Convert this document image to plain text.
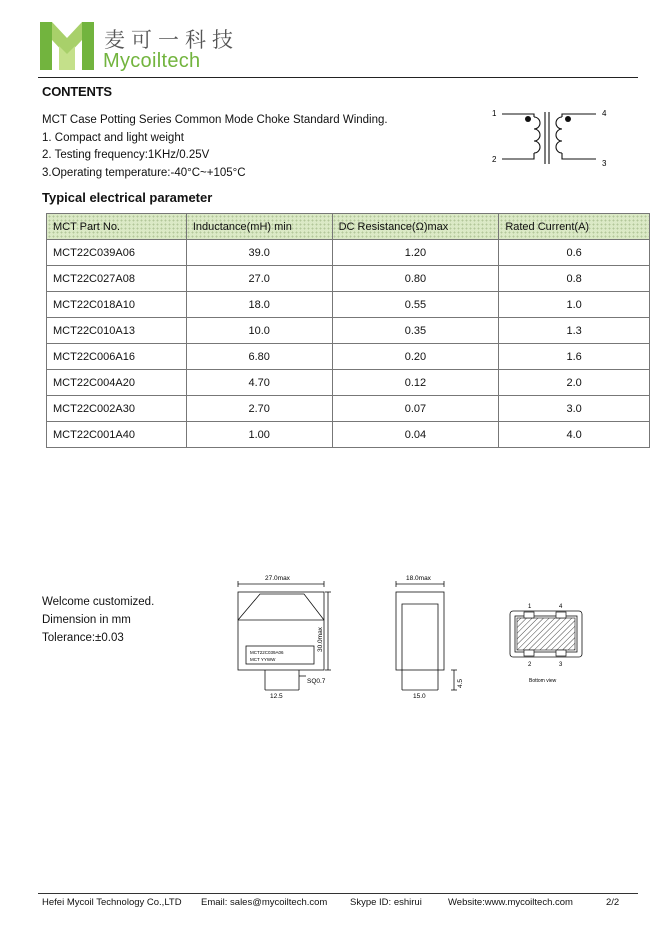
麦可一科技
Mycoiltech
CONTENTS
MCT Case Potting Series Common Mode Choke Standard Winding.
1. Compact and light weight
2. Testing frequency:1KHz/0.25V
3.Operating temperature:-40°C~+105°C
1
2	3
4
Typical electrical parameter
MCT Part No.	Inductance(mH) min	DC Resistance(Ω)max	Rated Current(A)
MCT22C039A06	39.0	1.20	0.6
MCT22C027A08	27.0	0.80	0.8
MCT22C018A10	18.0	0.55	1.0
MCT22C010A13	10.0	0.35	1.3
MCT22C006A16	6.80	0.20	1.6
MCT22C004A20	4.70	0.12	2.0
MCT22C002A30	2.70	0.07	3.0
MCT22C001A40	1.00	0.04	4.0
Welcome customized.
Dimension in mm
Tolerance:±0.03
27.0max
30.0max
MCT22C039A06
MCT YYWW
SQ0.7
12.5
18.0max
15.0
4.5
1	4
2	3
Bottom view
Hefei Mycoil Technology Co.,LTD Email: sales@mycoiltech.com Skype ID: eshirui	Website:www.mycoiltech.com	2/2
